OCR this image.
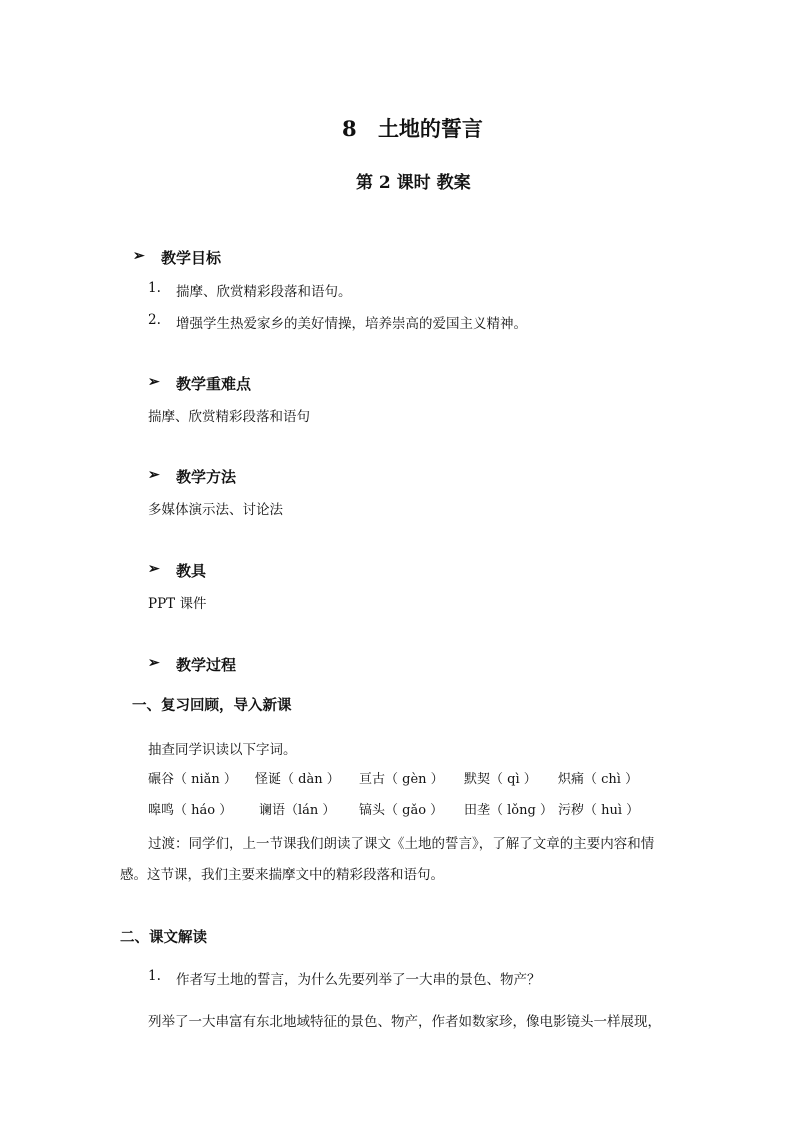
8 土地的誓言
第 2 课时 教案
➢ 教学目标
1. 揣摩、欣赏精彩段落和语句。
2. 增强学生热爱家乡的美好情操，培养崇高的爱国主义精神。
➢ 教学重难点
揣摩、欣赏精彩段落和语句
➢ 教学方法
多媒体演示法、讨论法
➢ 教具
PPT 课件
➢ 教学过程
一、复习回顾，导入新课
抽查同学识读以下字词。
碾谷（ niǎn ） 怪诞（ dàn ） 亘古（ gèn ） 默契（ qì ） 炽痛（ chì ）
嗥鸣（ háo ） 谰语（lán ） 镐头（ gǎo ） 田垄（ lǒng ） 污秽（ huì ）
过渡：同学们，上一节课我们朗读了课文《土地的誓言》，了解了文章的主要内容和情
感。这节课，我们主要来揣摩文中的精彩段落和语句。
二、课文解读
1. 作者写土地的誓言，为什么先要列举了一大串的景色、物产？
列举了一大串富有东北地域特征的景色、物产，作者如数家珍，像电影镜头一样展现，
